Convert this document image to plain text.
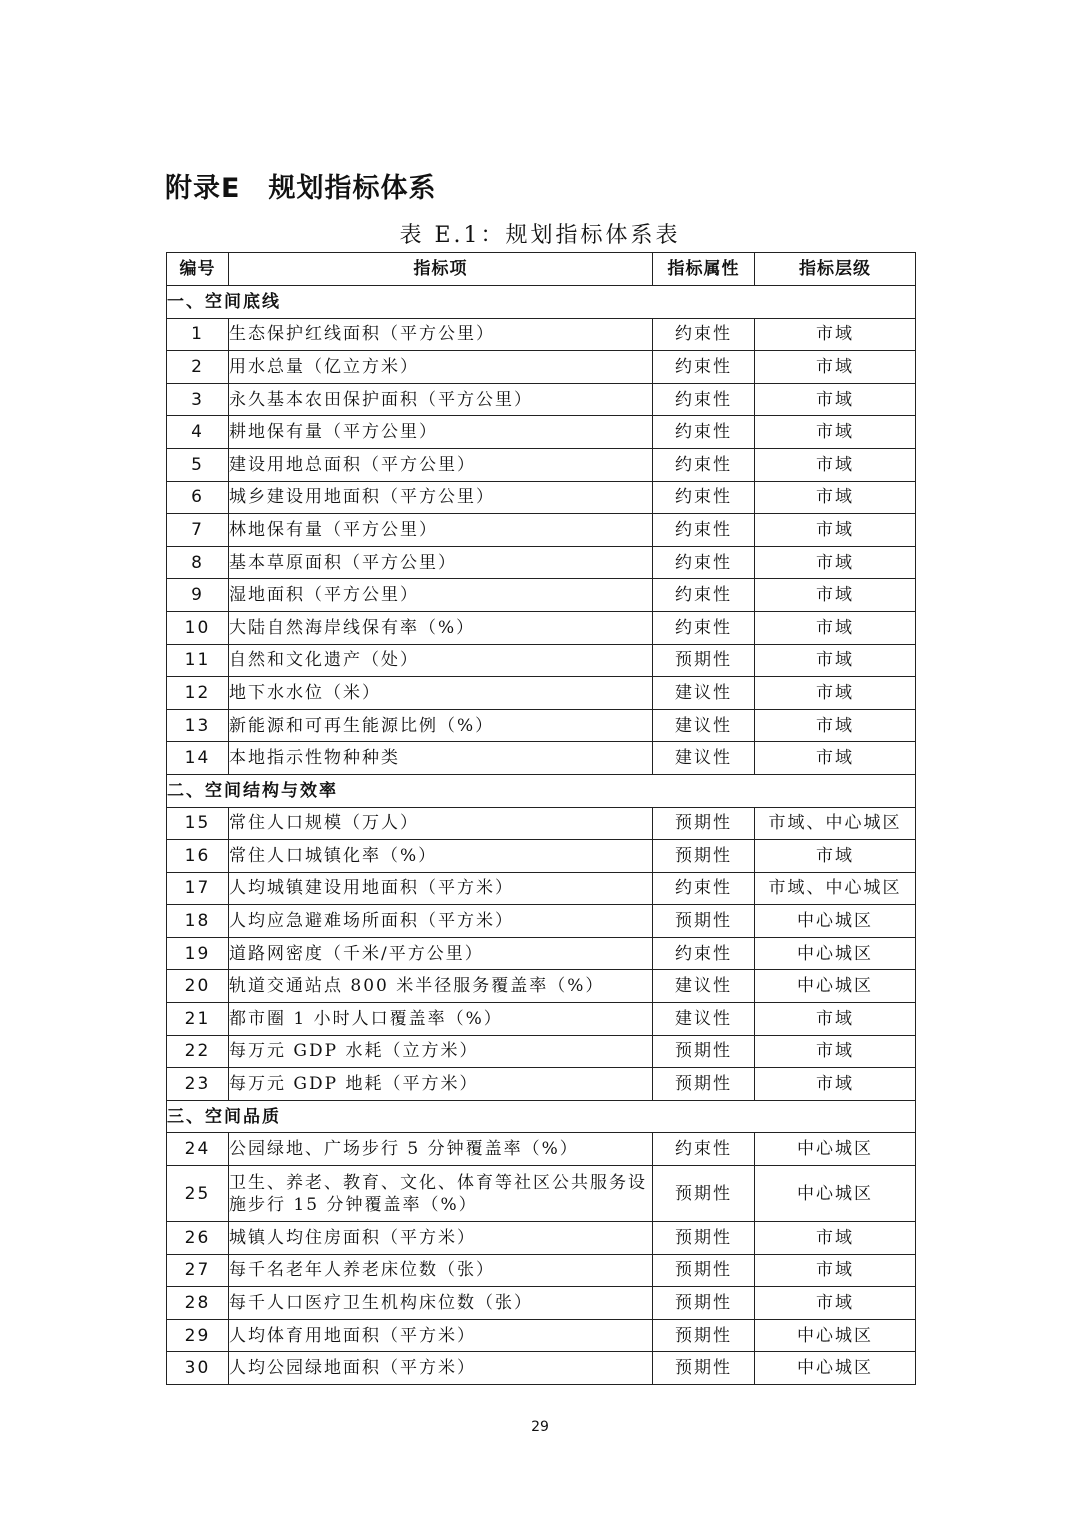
附录E　规划指标体系
表 E.1：规划指标体系表
编号	指标项	指标属性	指标层级
一、空间底线			
1	生态保护红线面积（平方公里）	约束性	市域
2	用水总量（亿立方米）	约束性	市域
3	永久基本农田保护面积（平方公里）	约束性	市域
4	耕地保有量（平方公里）	约束性	市域
5	建设用地总面积（平方公里）	约束性	市域
6	城乡建设用地面积（平方公里）	约束性	市域
7	林地保有量（平方公里）	约束性	市域
8	基本草原面积（平方公里）	约束性	市域
9	湿地面积（平方公里）	约束性	市域
10	大陆自然海岸线保有率（%）	约束性	市域
11	自然和文化遗产（处）	预期性	市域
12	地下水水位（米）	建议性	市域
13	新能源和可再生能源比例（%）	建议性	市域
14	本地指示性物种种类	建议性	市域
二、空间结构与效率			
15	常住人口规模（万人）	预期性	市域、中心城区
16	常住人口城镇化率（%）	预期性	市域
17	人均城镇建设用地面积（平方米）	约束性	市域、中心城区
18	人均应急避难场所面积（平方米）	预期性	中心城区
19	道路网密度（千米/平方公里）	约束性	中心城区
20	轨道交通站点 800 米半径服务覆盖率（%）	建议性	中心城区
21	都市圈 1 小时人口覆盖率（%）	建议性	市域
22	每万元 GDP 水耗（立方米）	预期性	市域
23	每万元 GDP 地耗（平方米）	预期性	市域
三、空间品质			
24	公园绿地、广场步行 5 分钟覆盖率（%）	约束性	中心城区
25	卫生、养老、教育、文化、体育等社区公共服务设施步行 15 分钟覆盖率（%）	预期性	中心城区
26	城镇人均住房面积（平方米）	预期性	市域
27	每千名老年人养老床位数（张）	预期性	市域
28	每千人口医疗卫生机构床位数（张）	预期性	市域
29	人均体育用地面积（平方米）	预期性	中心城区
30	人均公园绿地面积（平方米）	预期性	中心城区
29
